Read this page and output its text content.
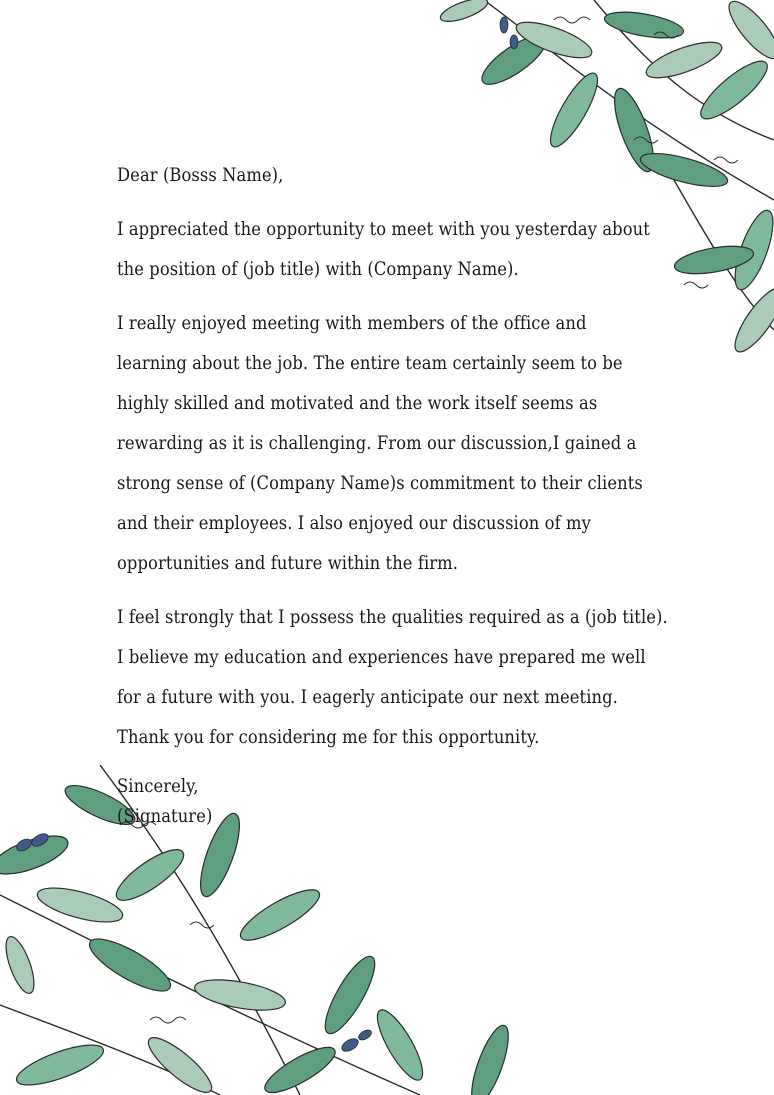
Dear (Bosss Name),

I appreciated the opportunity to meet with you yesterday about
the position of (job title) with (Company Name).

I really enjoyed meeting with members of the office and
learning about the job. The entire team certainly seem to be
highly skilled and motivated and the work itself seems as
rewarding as it is challenging. From our discussion,I gained a
strong sense of (Company Name)s commitment to their clients
and their employees. I also enjoyed our discussion of my
opportunities and future within the firm.

I feel strongly that I possess the qualities required as a (job title).
I believe my education and experiences have prepared me well
for a future with you. I eagerly anticipate our next meeting.
Thank you for considering me for this opportunity.

Sincerely,
(Signature)
